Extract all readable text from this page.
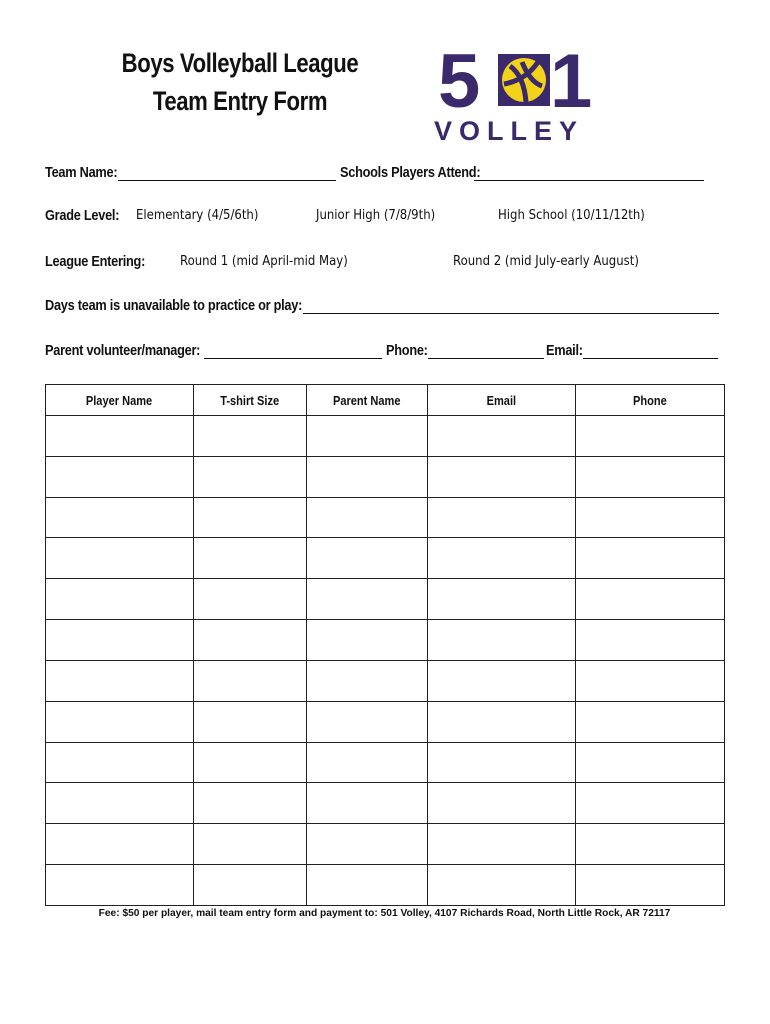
Boys Volleyball League
Team Entry Form	5 1
VOLLEY
Team Name:	Schools Players Attend:
Grade Level: Elementary (4/5/6th)	Junior High (7/8/9th)	High School (10/11/12th)
League Entering:	Round 1 (mid April-mid May)	Round 2 (mid July-early August)
Days team is unavailable to practice or play:
Parent volunteer/manager:	Phone:	Email:
Player Name	T-shirt Size	Parent Name	Email	Phone

Fee: $50 per player, mail team entry form and payment to: 501 Volley, 4107 Richards Road, North Little Rock, AR 72117
